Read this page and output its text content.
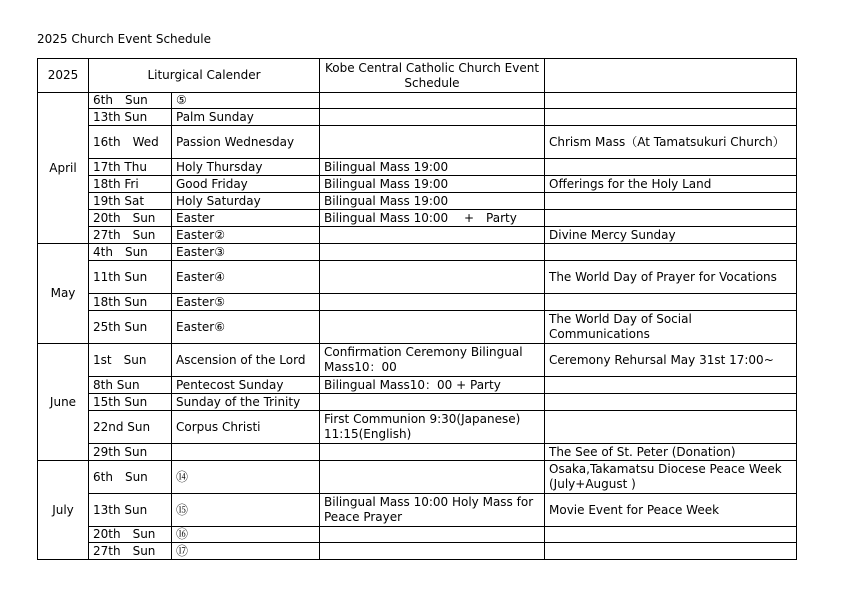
2025 Church Event Schedule
2025	Liturgical Calender		Kobe Central Catholic Church Event Schedule	
April	6th　Sun	⑤		
	13th Sun	Palm Sunday		
	16th　Wed	Passion Wednesday		Chrism Mass（At Tamatsukuri Church）
	17th Thu	Holy Thursday	Bilingual Mass 19:00	
	18th Fri	Good Friday	Bilingual Mass 19:00	Offerings for the Holy Land
	19th Sat	Holy Saturday	Bilingual Mass 19:00	
	20th　Sun	Easter	Bilingual Mass 10:00　 +　Party	
	27th　Sun	Easter②		Divine Mercy Sunday
May	4th　Sun	Easter③		
	11th Sun	Easter④		The World Day of Prayer for Vocations
	18th Sun	Easter⑤		
	25th Sun	Easter⑥		The World Day of Social Communications
June	1st　Sun	Ascension of the Lord	Confirmation Ceremony Bilingual Mass10：00	Ceremony Rehursal May 31st 17:00~
	8th Sun	Pentecost Sunday	Bilingual Mass10：00 + Party	
	15th Sun	Sunday of the Trinity		
	22nd Sun	Corpus Christi	First Communion 9:30(Japanese) 11:15(English)	
	29th Sun			The See of St. Peter (Donation)
July	6th　Sun	⑭		Osaka,Takamatsu Diocese Peace Week (July+August )
	13th Sun	⑮	Bilingual Mass 10:00 Holy Mass for Peace Prayer	Movie Event for Peace Week
	20th　Sun	⑯		
	27th　Sun	⑰		
